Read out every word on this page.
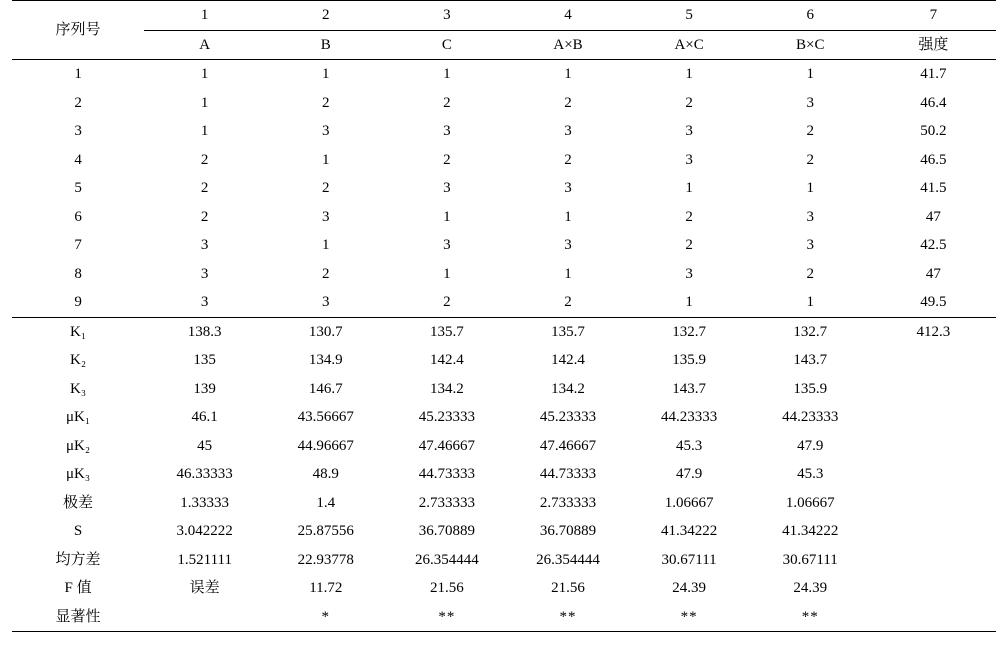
序列号	1	2	3	4	5	6	7
	A	B	C	A×B	A×C	B×C	强度
1	1	1	1	1	1	1	41.7
2	1	2	2	2	2	3	46.4
3	1	3	3	3	3	2	50.2
4	2	1	2	2	3	2	46.5
5	2	2	3	3	1	1	41.5
6	2	3	1	1	2	3	47
7	3	1	3	3	2	3	42.5
8	3	2	1	1	3	2	47
9	3	3	2	2	1	1	49.5
K₁	138.3	130.7	135.7	135.7	132.7	132.7	412.3
K₂	135	134.9	142.4	142.4	135.9	143.7	
K₃	139	146.7	134.2	134.2	143.7	135.9	
μK₁	46.1	43.56667	45.23333	45.23333	44.23333	44.23333	
μK₂	45	44.96667	47.46667	47.46667	45.3	47.9	
μK₃	46.33333	48.9	44.73333	44.73333	47.9	45.3	
极差	1.33333	1.4	2.733333	2.733333	1.06667	1.06667	
S	3.042222	25.87556	36.70889	36.70889	41.34222	41.34222	
均方差	1.521111	22.93778	26.354444	26.354444	30.67111	30.67111	
F 值	误差	11.72	21.56	21.56	24.39	24.39	
显著性		*	**	**	**	**	
